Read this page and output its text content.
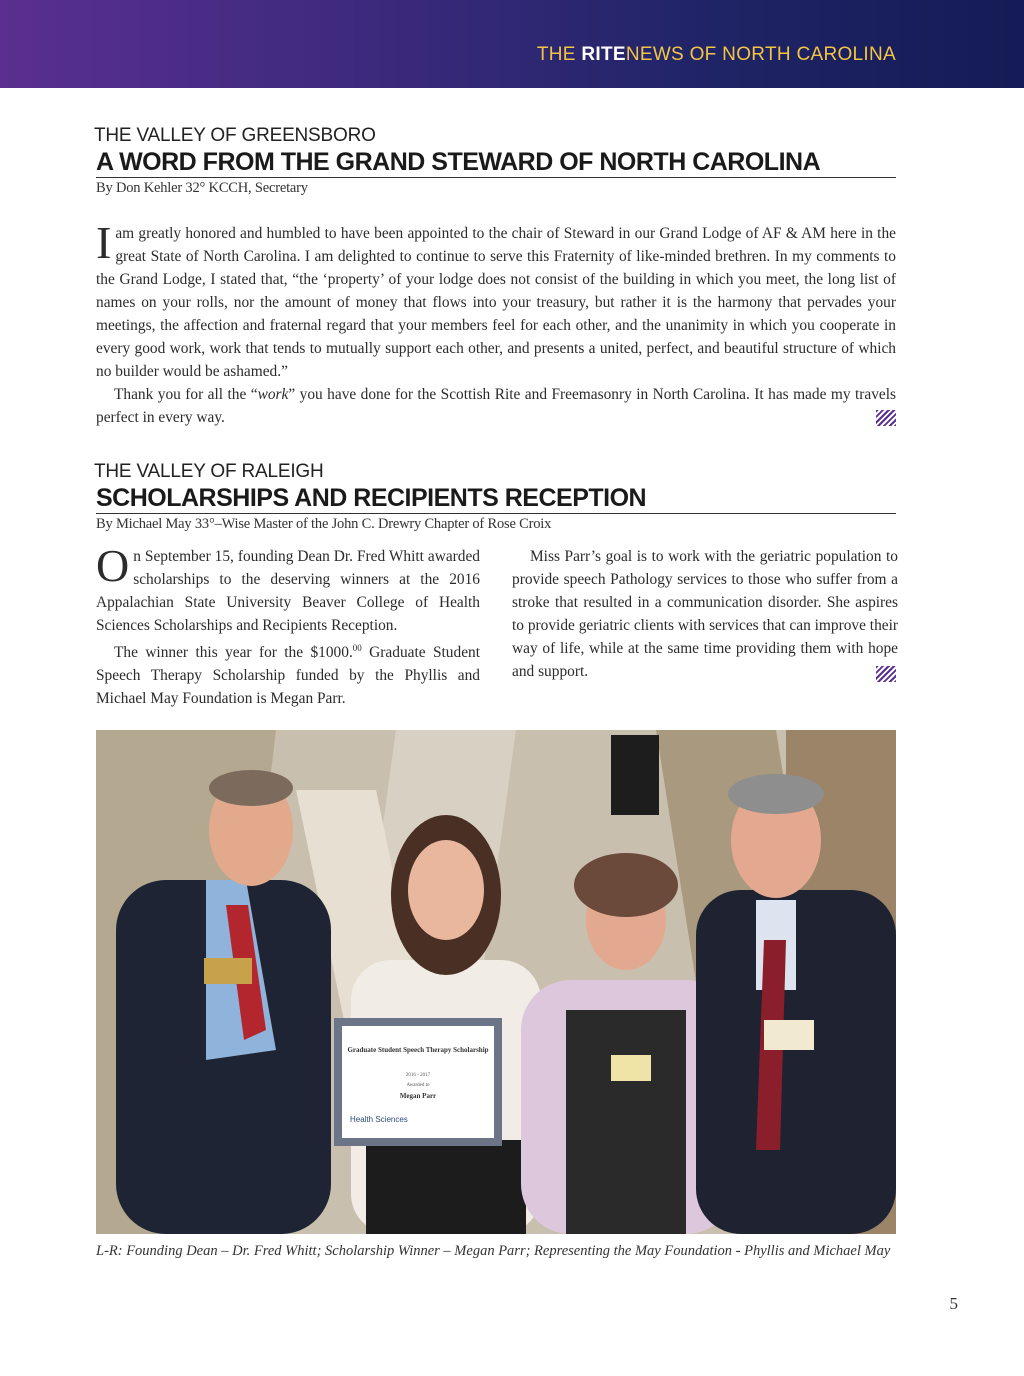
THE RITENEWS OF NORTH CAROLINA
THE VALLEY OF GREENSBORO
A WORD FROM THE GRAND STEWARD OF NORTH CAROLINA
By Don Kehler 32° KCCH, Secretary

Iam greatly honored and humbled to have been appointed to the chair of Steward in our Grand Lodge of AF & AM here in the great State of North Carolina. I am delighted to continue to serve this Fraternity of like-minded brethren. In my comments to the Grand Lodge, I stated that, “the ‘property’ of your lodge does not consist of the building in which you meet, the long list of names on your rolls, nor the amount of money that flows into your treasury, but rather it is the harmony that pervades your meetings, the affection and fraternal regard that your members feel for each other, and the unanimity in which you cooperate in every good work, work that tends to mutually support each other, and presents a united, perfect, and beautiful structure of which no builder would be ashamed.”

Thank you for all the “work” you have done for the Scottish Rite and Freemasonry in North Carolina. It has made my travels perfect in every way.

THE VALLEY OF RALEIGH
SCHOLARSHIPS AND RECIPIENTS RECEPTION
By Michael May 33°–Wise Master of the John C. Drewry Chapter of Rose Croix

On September 15, founding Dean Dr. Fred Whitt awarded scholarships to the deserving winners at the 2016 Appalachian State University Beaver College of Health Sciences Scholarships and Recipients Reception.

The winner this year for the $1000.00 Graduate Student Speech Therapy Scholarship funded by the Phyllis and Michael May Foundation is Megan Parr.

Miss Parr’s goal is to work with the geriatric population to provide speech Pathology services to those who suffer from a stroke that resulted in a communication disorder. She aspires to provide geriatric clients with services that can improve their way of life, while at the same time providing them with hope and support.

Graduate Student Speech Therapy Scholarship
2016 - 2017
Awarded to
Megan Parr
Health Sciences
L-R: Founding Dean – Dr. Fred Whitt; Scholarship Winner – Megan Parr; Representing the May Foundation - Phyllis and Michael May
5
